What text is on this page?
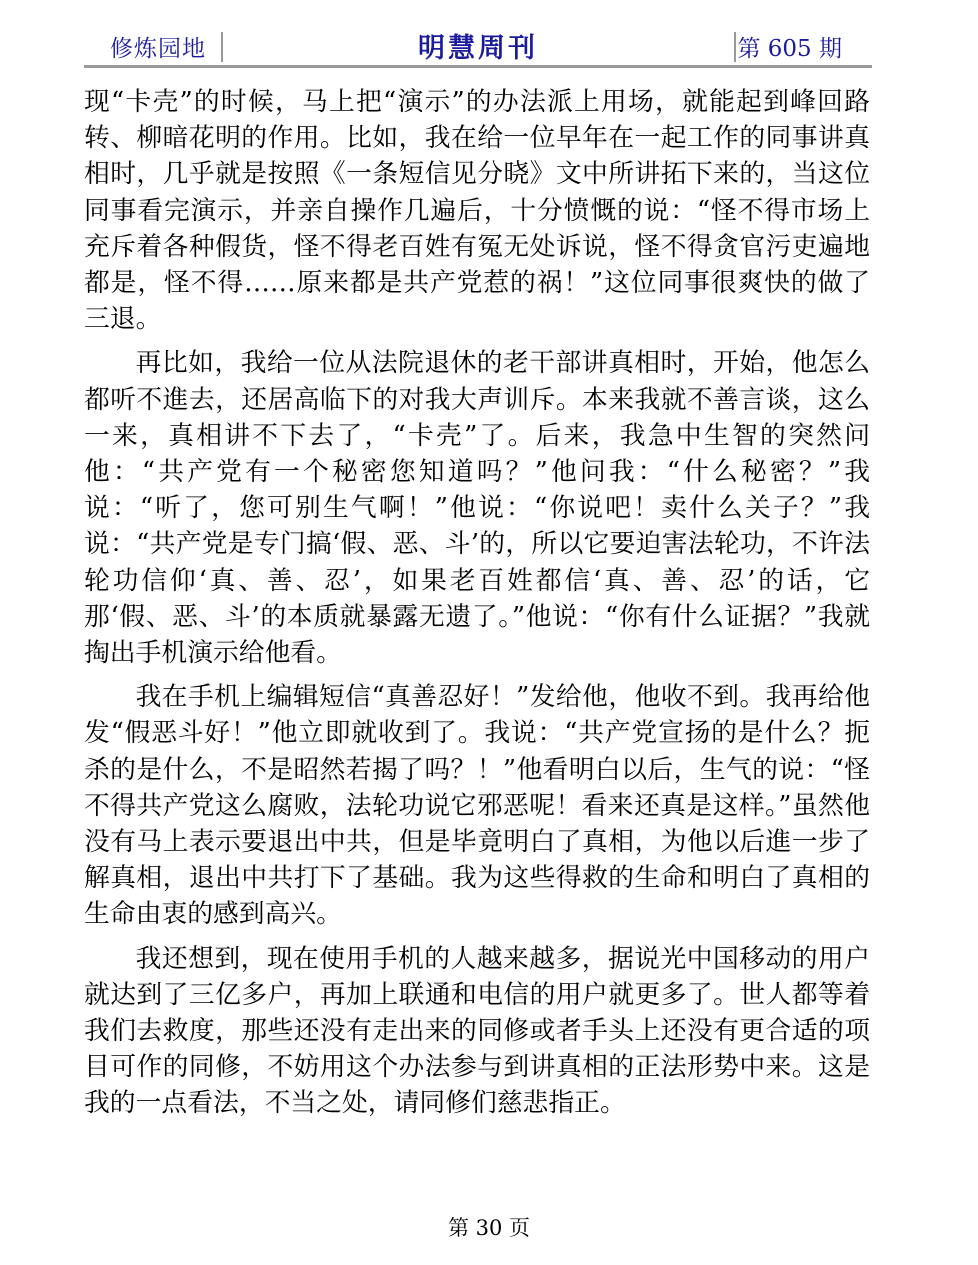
修炼园地	明慧周刊	第 605 期

现“卡壳”的时候，马上把“演示”的办法派上用场，就能起到峰回路转、柳暗花明的作用。比如，我在给一位早年在一起工作的同事讲真相时，几乎就是按照《一条短信见分晓》文中所讲拓下来的，当这位同事看完演示，并亲自操作几遍后，十分愤慨的说：“怪不得市场上充斥着各种假货，怪不得老百姓有冤无处诉说，怪不得贪官污吏遍地都是，怪不得……原来都是共产党惹的祸！”这位同事很爽快的做了三退。

再比如，我给一位从法院退休的老干部讲真相时，开始，他怎么都听不進去，还居高临下的对我大声训斥。本来我就不善言谈，这么一来，真相讲不下去了，“卡壳”了。后来，我急中生智的突然问他：“共产党有一个秘密您知道吗？”他问我：“什么秘密？”我说：“听了，您可别生气啊！”他说：“你说吧！卖什么关子？”我说：“共产党是专门搞‘假、恶、斗’的，所以它要迫害法轮功，不许法轮功信仰‘真、善、忍’，如果老百姓都信‘真、善、忍’的话，它那‘假、恶、斗’的本质就暴露无遗了。”他说：“你有什么证据？”我就掏出手机演示给他看。

我在手机上编辑短信“真善忍好！”发给他，他收不到。我再给他发“假恶斗好！”他立即就收到了。我说：“共产党宣扬的是什么？扼杀的是什么，不是昭然若揭了吗？！”他看明白以后，生气的说：“怪不得共产党这么腐败，法轮功说它邪恶呢！看来还真是这样。”虽然他没有马上表示要退出中共，但是毕竟明白了真相，为他以后進一步了解真相，退出中共打下了基础。我为这些得救的生命和明白了真相的生命由衷的感到高兴。

我还想到，现在使用手机的人越来越多，据说光中国移动的用户就达到了三亿多户，再加上联通和电信的用户就更多了。世人都等着我们去救度，那些还没有走出来的同修或者手头上还没有更合适的项目可作的同修，不妨用这个办法参与到讲真相的正法形势中来。这是我的一点看法，不当之处，请同修们慈悲指正。

第 30 页
